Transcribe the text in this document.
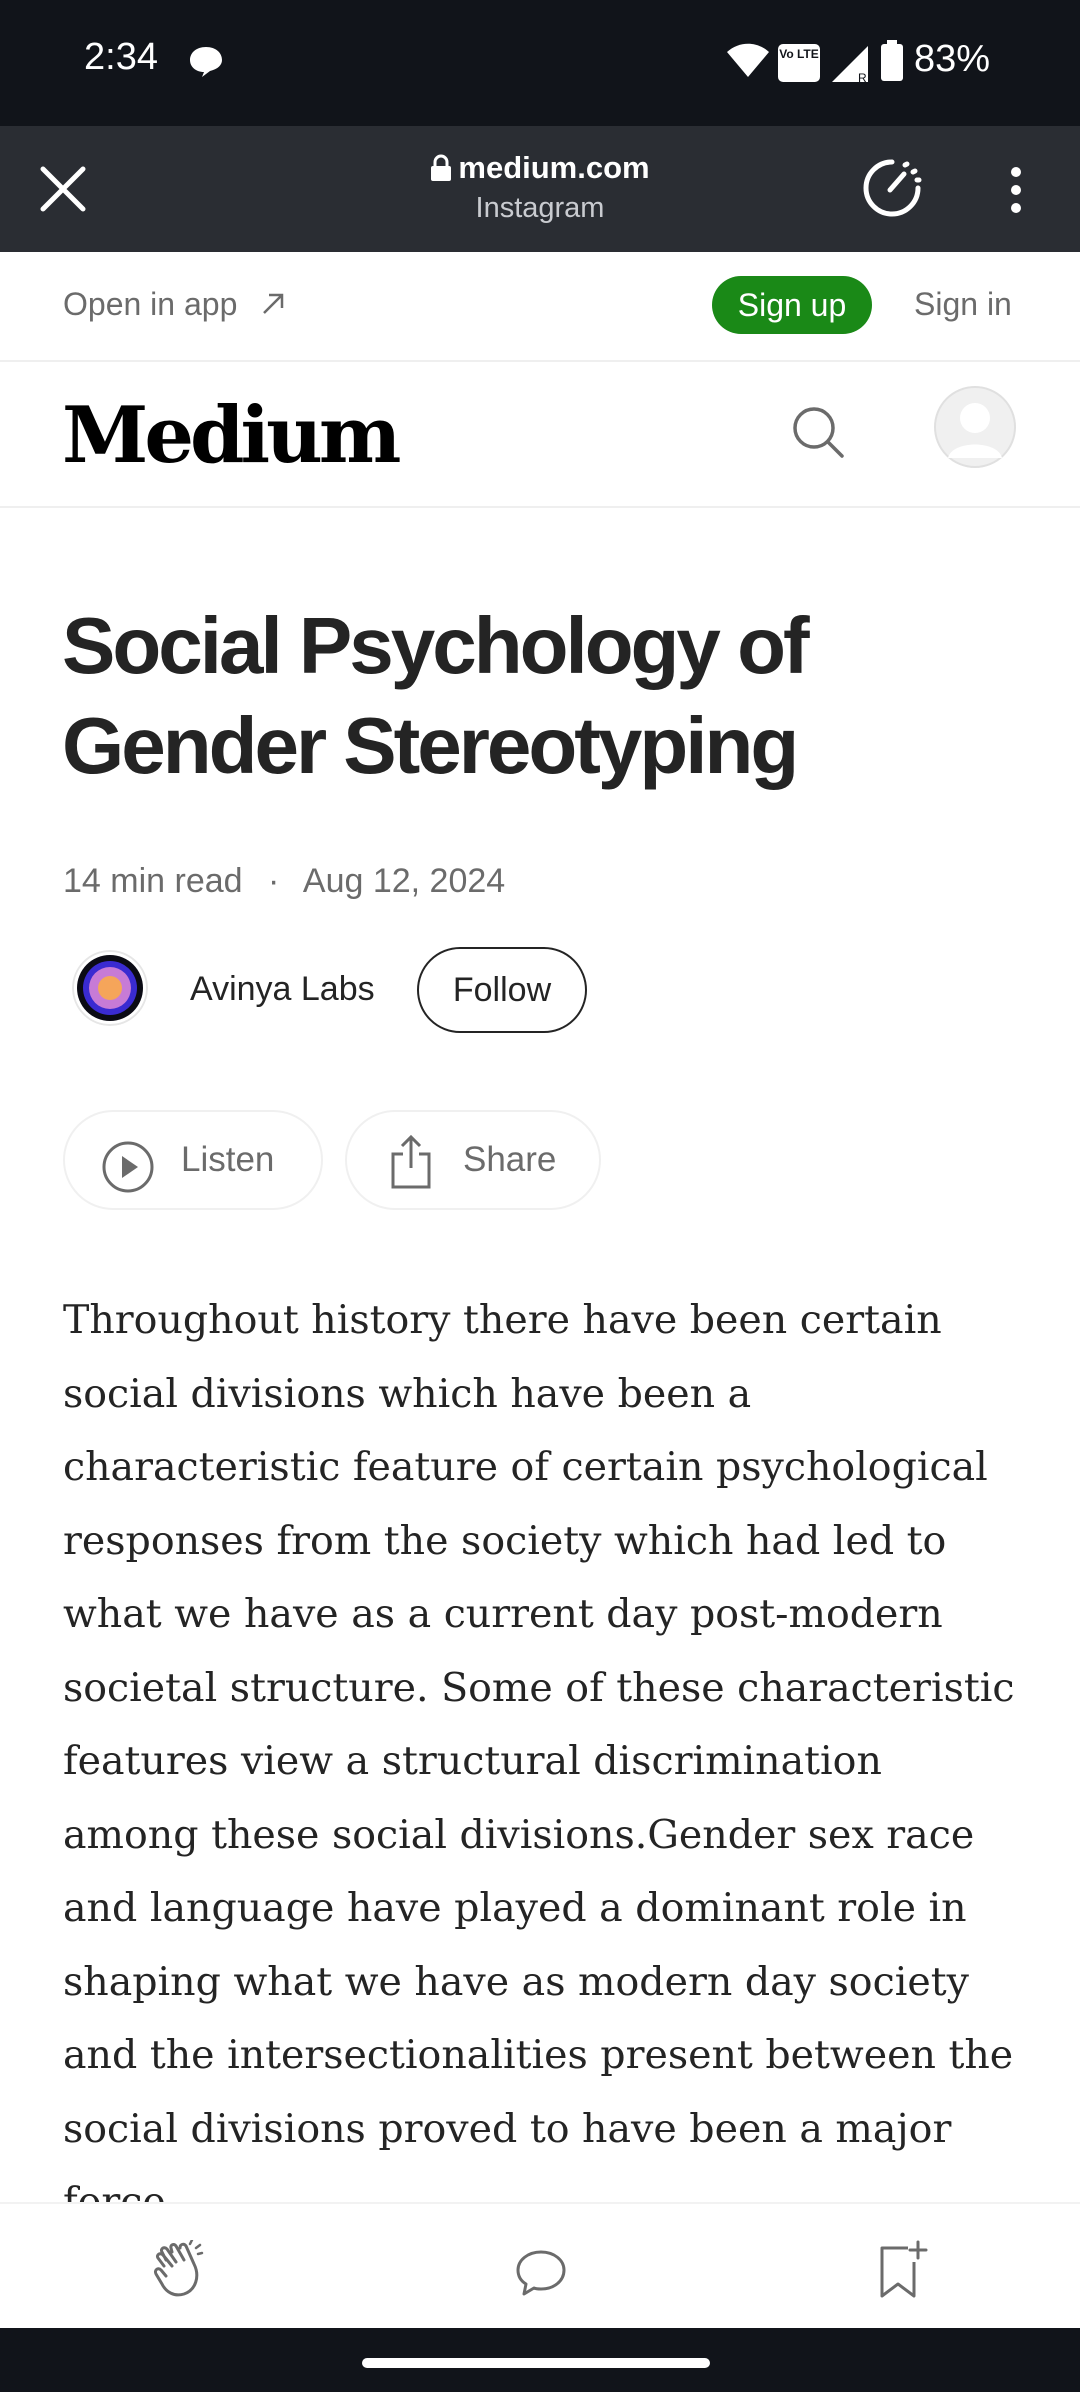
2:34	Vo LTE
R 83%
medium.com
Instagram
Open in app	Sign up	Sign in
Medium
Social Psychology of Gender Stereotyping
14 min read · Aug 12, 2024
Avinya Labs	Follow
Listen	Share

Throughout history there have been certain social divisions which have been a characteristic feature of certain psychological responses from the society which had led to what we have as a current day post-modern societal structure. Some of these characteristic features view a structural discrimination among these social divisions.Gender sex race and language have played a dominant role in shaping what we have as modern day society and the intersectionalities present between the social divisions proved to have been a major
